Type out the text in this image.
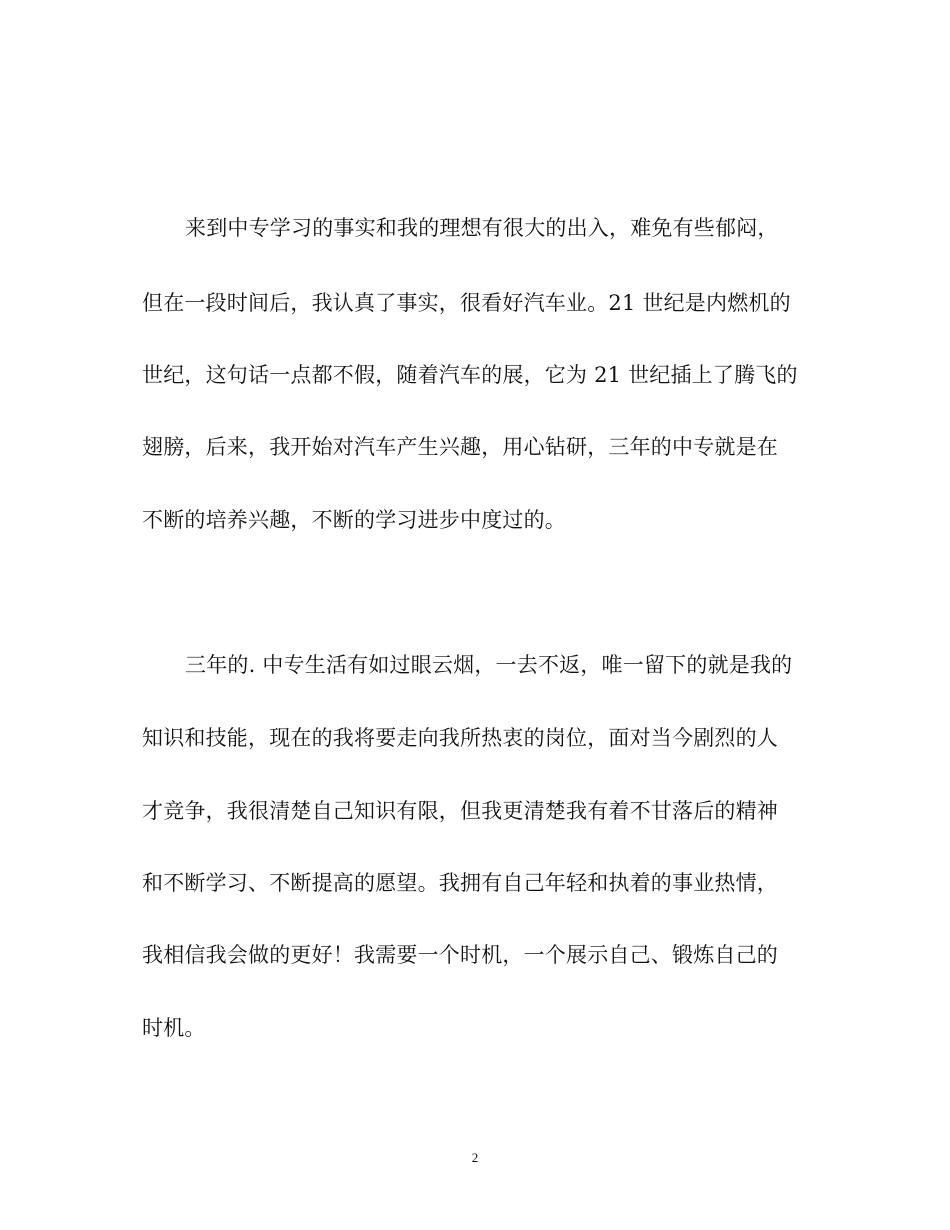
来到中专学习的事实和我的理想有很大的出入，难免有些郁闷，
但在一段时间后，我认真了事实，很看好汽车业。21 世纪是内燃机的
世纪，这句话一点都不假，随着汽车的展，它为 21 世纪插上了腾飞的
翅膀，后来，我开始对汽车产生兴趣，用心钻研，三年的中专就是在
不断的培养兴趣，不断的学习进步中度过的。
三年的. 中专生活有如过眼云烟，一去不返，唯一留下的就是我的
知识和技能，现在的我将要走向我所热衷的岗位，面对当今剧烈的人
才竞争，我很清楚自己知识有限，但我更清楚我有着不甘落后的精神
和不断学习、不断提高的愿望。我拥有自己年轻和执着的事业热情，
我相信我会做的更好！我需要一个时机，一个展示自己、锻炼自己的
时机。
2
